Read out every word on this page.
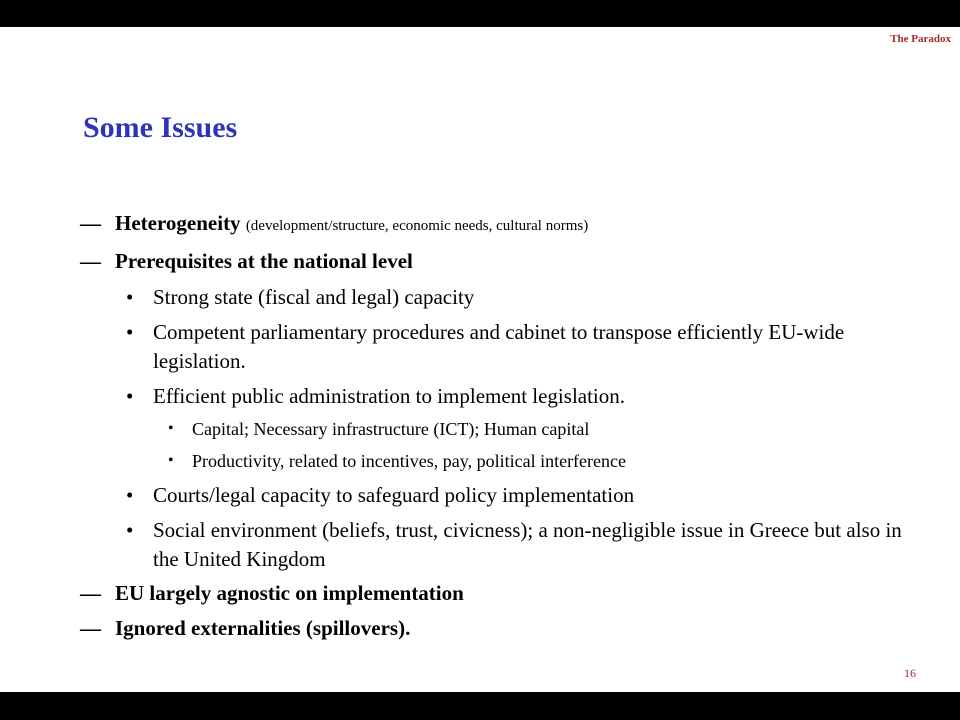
The Paradox
Some Issues
— Heterogeneity (development/structure, economic needs, cultural norms)
— Prerequisites at the national level
• Strong state (fiscal and legal) capacity
• Competent parliamentary procedures and cabinet to transpose efficiently EU-wide legislation.
• Efficient public administration to implement legislation.
• Capital; Necessary infrastructure (ICT); Human capital
• Productivity, related to incentives, pay, political interference
• Courts/legal capacity to safeguard policy implementation
• Social environment (beliefs, trust, civicness); a non-negligible issue in Greece but also in the United Kingdom
— EU largely agnostic on implementation
— Ignored externalities (spillovers).
16
